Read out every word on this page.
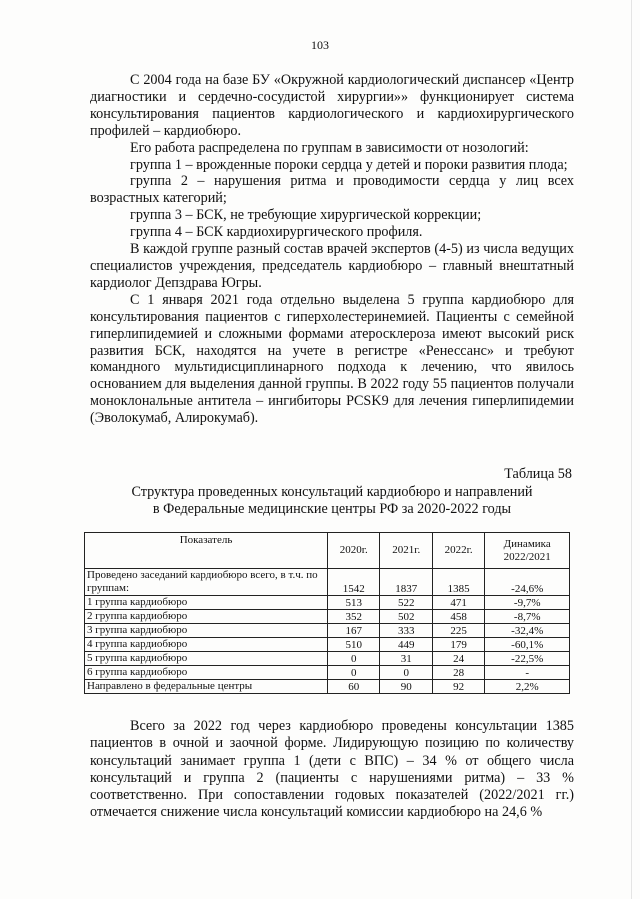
103

С 2004 года на базе БУ «Окружной кардиологический диспансер «Центр диагностики и сердечно-сосудистой хирургии»» функционирует система консультирования пациентов кардиологического и кардиохирургического профилей – кардиобюро.

Его работа распределена по группам в зависимости от нозологий:

группа 1 – врожденные пороки сердца у детей и пороки развития плода;

группа 2 – нарушения ритма и проводимости сердца у лиц всех возрастных категорий;

группа 3 – БСК, не требующие хирургической коррекции;

группа 4 – БСК кардиохирургического профиля.

В каждой группе разный состав врачей экспертов (4-5) из числа ведущих специалистов учреждения, председатель кардиобюро – главный внештатный кардиолог Депздрава Югры.

С 1 января 2021 года отдельно выделена 5 группа кардиобюро для консультирования пациентов с гиперхолестеринемией. Пациенты с семейной гиперлипидемией и сложными формами атеросклероза имеют высокий риск развития БСК, находятся на учете в регистре «Ренессанс» и требуют командного мультидисциплинарного подхода к лечению, что явилось основанием для выделения данной группы. В 2022 году 55 пациентов получали моноклональные антитела – ингибиторы PCSK9 для лечения гиперлипидемии (Эволокумаб, Алирокумаб).

Таблица 58
Структура проведенных консультаций кардиобюро и направлений
в Федеральные медицинские центры РФ за 2020-2022 годы
Показатель	2020г.	2021г.	2022г.	Динамика 2022/2021
Проведено заседаний кардиобюро всего, в т.ч. по группам:	1542	1837	1385	-24,6%
1 группа кардиобюро	513	522	471	-9,7%
2 группа кардиобюро	352	502	458	-8,7%
3 группа кардиобюро	167	333	225	-32,4%
4 группа кардиобюро	510	449	179	-60,1%
5 группа кардиобюро	0	31	24	-22,5%
6 группа кардиобюро	0	0	28	-
Направлено в федеральные центры	60	90	92	2,2%

Всего за 2022 год через кардиобюро проведены консультации 1385 пациентов в очной и заочной форме. Лидирующую позицию по количеству консультаций занимает группа 1 (дети с ВПС) – 34 % от общего числа консультаций и группа 2 (пациенты с нарушениями ритма) – 33 % соответственно. При сопоставлении годовых показателей (2022/2021 гг.) отмечается снижение числа консультаций комиссии кардиобюро на 24,6 %
